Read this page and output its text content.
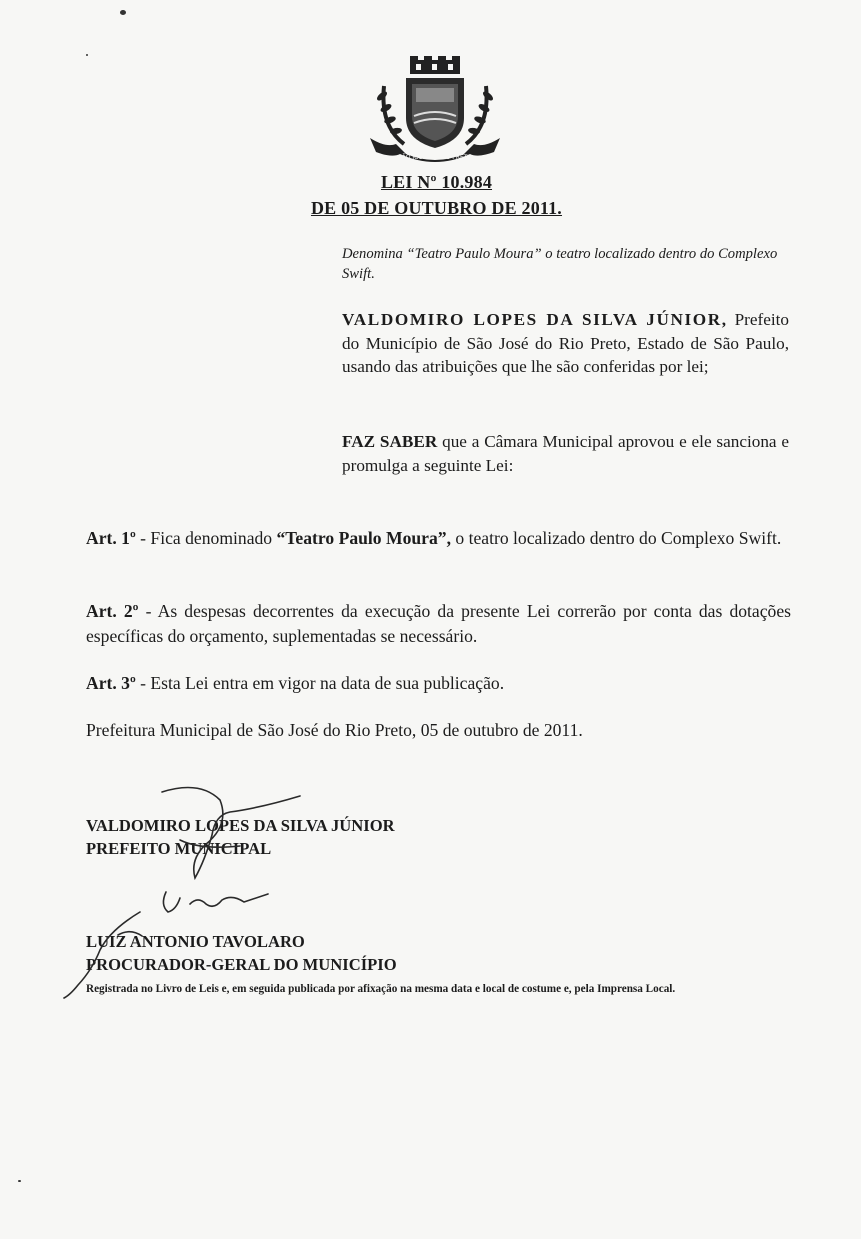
SÃO JOSÉ DO RIO PRETO
LEI Nº 10.984
DE 05 DE OUTUBRO DE 2011.
Denomina “Teatro Paulo Moura” o teatro localizado dentro do Complexo Swift.
VALDOMIRO LOPES DA SILVA JÚNIOR, Prefeito do Município de São José do Rio Preto, Estado de São Paulo, usando das atribuições que lhe são conferidas por lei;
FAZ SABER que a Câmara Municipal aprovou e ele sanciona e promulga a seguinte Lei:
Art. 1º - Fica denominado “Teatro Paulo Moura”, o teatro localizado dentro do Complexo Swift.
Art. 2º - As despesas decorrentes da execução da presente Lei correrão por conta das dotações específicas do orçamento, suplementadas se necessário.
Art. 3º - Esta Lei entra em vigor na data de sua publicação.
Prefeitura Municipal de São José do Rio Preto, 05 de outubro de 2011.
VALDOMIRO LOPES DA SILVA JÚNIOR
PREFEITO MUNICIPAL
LUIZ ANTONIO TAVOLARO
PROCURADOR-GERAL DO MUNICÍPIO
Registrada no Livro de Leis e, em seguida publicada por afixação na mesma data e local de costume e, pela Imprensa Local.
